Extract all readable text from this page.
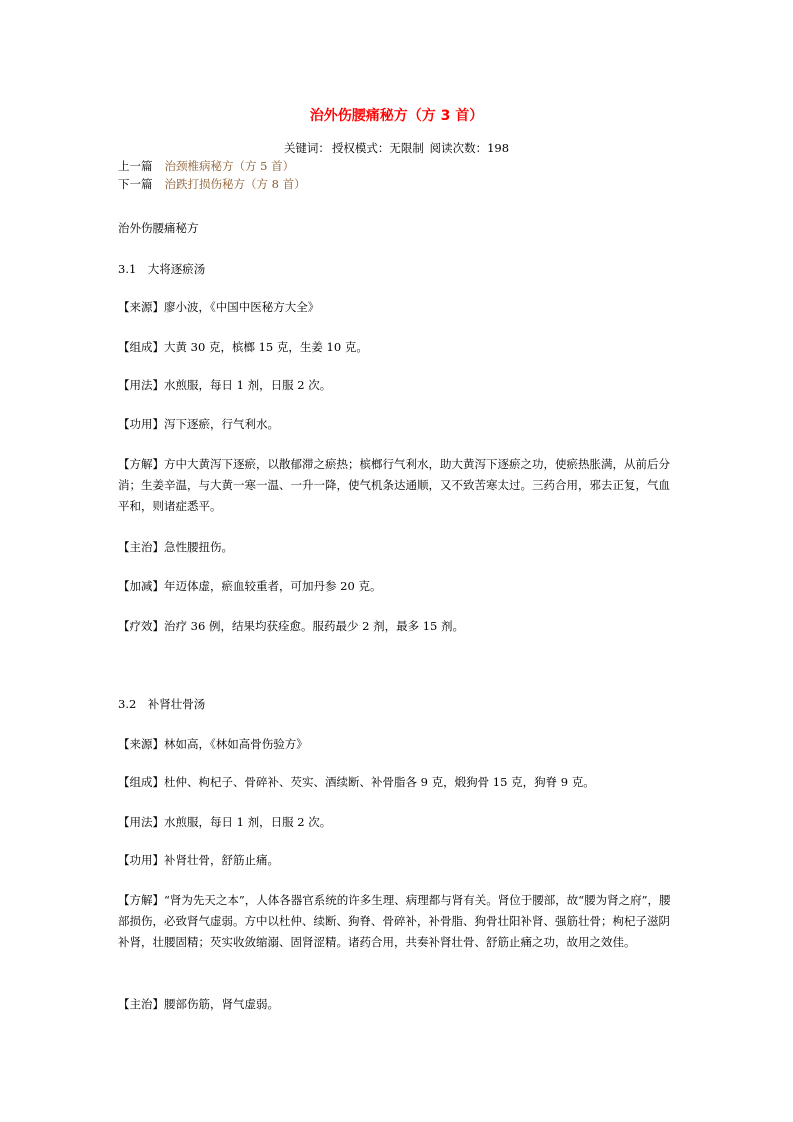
治外伤腰痛秘方（方 3 首）
关键词： 授权模式：无限制 阅读次数：198
上一篇 治颈椎病秘方（方 5 首）
下一篇 治跌打损伤秘方（方 8 首）

治外伤腰痛秘方

3.1　大将逐瘀汤

【来源】廖小波，《中国中医秘方大全》

【组成】大黄 30 克，槟榔 15 克，生姜 10 克。

【用法】水煎服，每日 1 剂，日服 2 次。

【功用】泻下逐瘀，行气利水。

【方解】方中大黄泻下逐瘀，以散郁滞之瘀热；槟榔行气利水，助大黄泻下逐瘀之功，使瘀热胀满，从前后分消；生姜辛温，与大黄一寒一温、一升一降，使气机条达通顺，又不致苦寒太过。三药合用，邪去正复，气血平和，则诸症悉平。

【主治】急性腰扭伤。

【加减】年迈体虚，瘀血较重者，可加丹参 20 克。

【疗效】治疗 36 例，结果均获痊愈。服药最少 2 剂，最多 15 剂。

3.2　补肾壮骨汤

【来源】林如高，《林如高骨伤验方》

【组成】杜仲、枸杞子、骨碎补、芡实、酒续断、补骨脂各 9 克，煅狗骨 15 克，狗脊 9 克。

【用法】水煎服，每日 1 剂，日服 2 次。

【功用】补肾壮骨，舒筋止痛。

【方解】“肾为先天之本”，人体各器官系统的许多生理、病理都与肾有关。肾位于腰部，故“腰为肾之府”，腰部损伤，必致肾气虚弱。方中以杜仲、续断、狗脊、骨碎补，补骨脂、狗骨壮阳补肾、强筋壮骨；枸杞子滋阴补肾，壮腰固精；芡实收敛缩溺、固肾涩精。诸药合用，共奏补肾壮骨、舒筋止痛之功，故用之效佳。

【主治】腰部伤筋，肾气虚弱。
